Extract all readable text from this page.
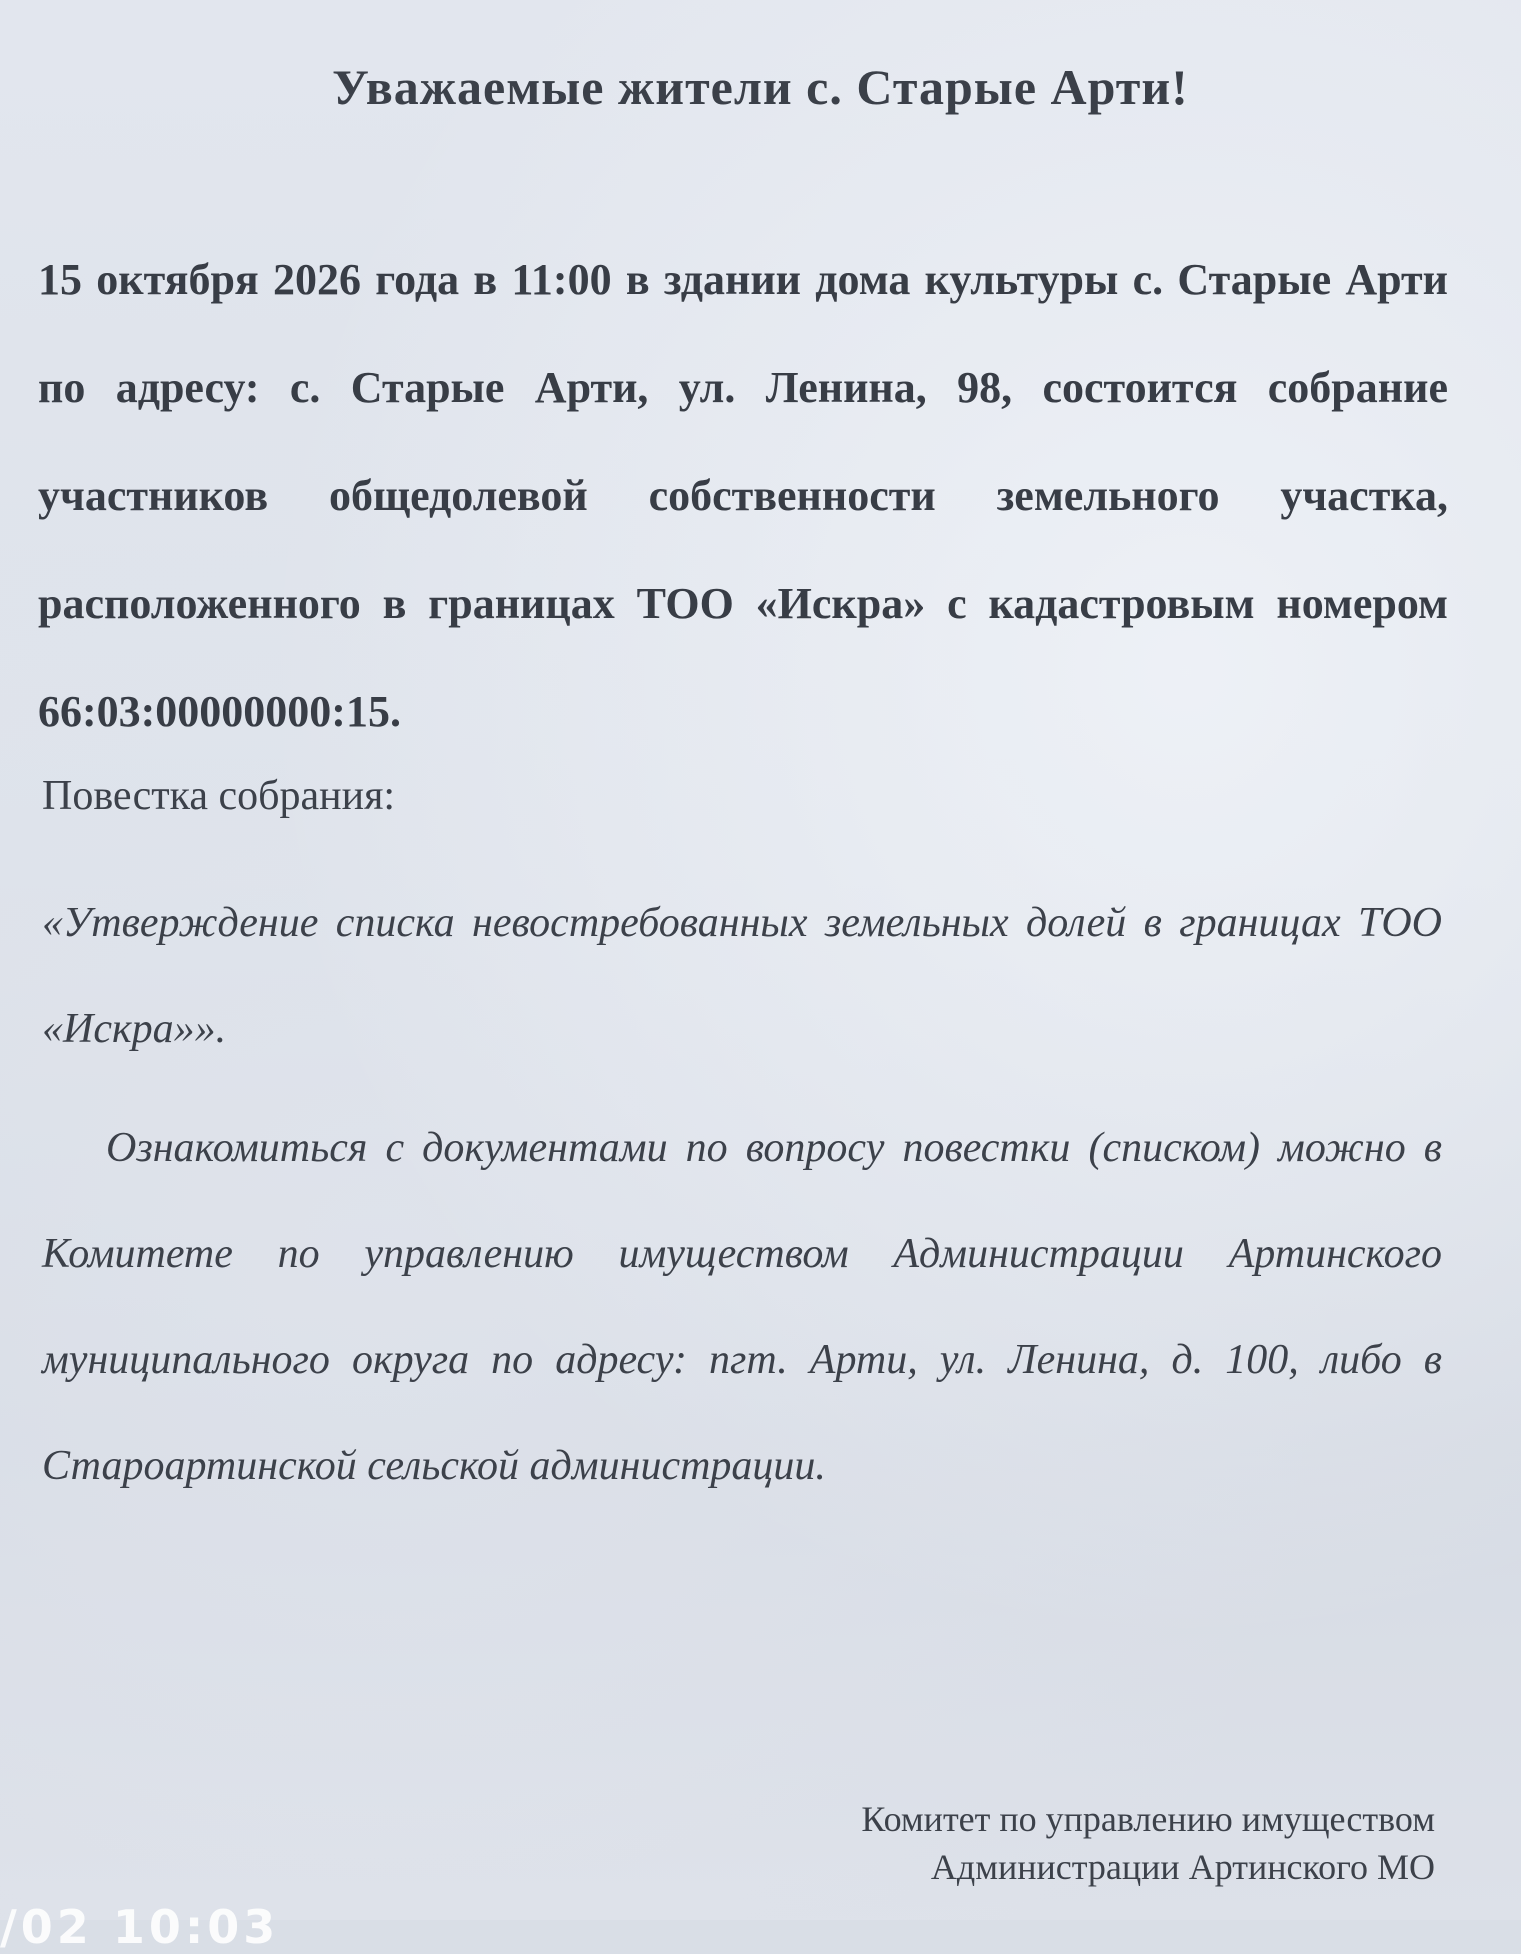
Уважаемые жители с. Старые Арти!
15 октября 2026 года в 11:00 в здании дома культуры с. Старые Арти по адресу: с. Старые Арти, ул. Ленина, 98, состоится собрание участников общедолевой собственности земельного участка, расположенного в границах ТОО «Искра» с кадастровым номером 66:03:00000000:15.
Повестка собрания:
«Утверждение списка невостребованных земельных долей в границах ТОО «Искра»».
Ознакомиться с документами по вопросу повестки (списком) можно в Комитете по управлению имуществом Администрации Артинского муниципального округа по адресу: пгт. Арти, ул. Ленина, д. 100, либо в Староартинской сельской администрации.
Комитет по управлению имуществом
Администрации Артинского МО
/02 10:03
